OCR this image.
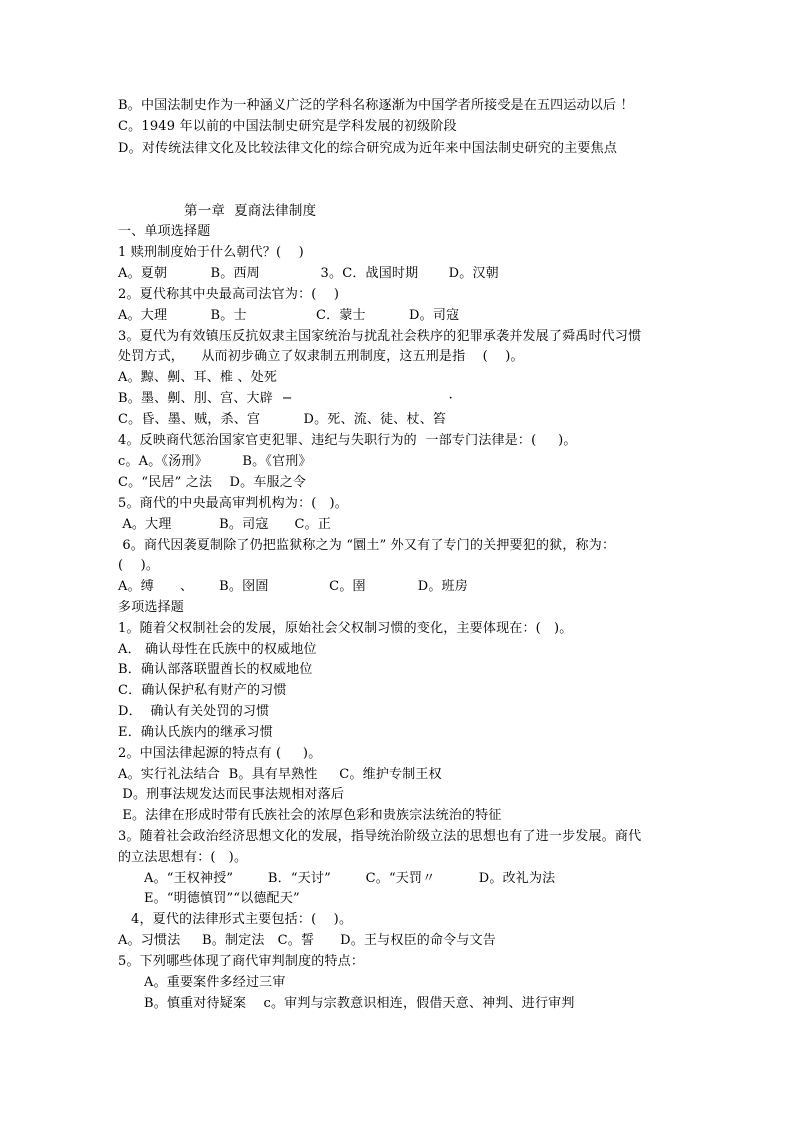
B。中国法制史作为一种涵义广泛的学科名称逐渐为中国学者所接受是在五四运动以后 ！
C。1949 年以前的中国法制史研究是学科发展的初级阶段
D。对传统法律文化及比较法律文化的综合研究成为近年来中国法制史研究的主要焦点
第一章  夏商法律制度
一、单项选择题
1 赎刑制度始于什么朝代？(    )
A。夏朝          B。西周              3。C．战国时期       D。汉朝
2。夏代称其中央最高司法官为：(    )
A。大理          B。士                C．蒙士          D。司寇
3。夏代为有效镇压反抗奴隶主国家统治与扰乱社会秩序的犯罪承袭并发展了舜禹时代习惯
处罚方式，    从而初步确立了奴隶制五刑制度，这五刑是指    (    )。
A。黥、劓、耳、椎 、处死
B。墨、劓、刖、宫、大辟  −                                    ·
C。昏、墨、贼，杀、宫          D。死、流、徒、杖、笞
4。反映商代惩治国家官吏犯罪、违纪与失职行为的  一部专门法律是：(     )。
c。A。《汤刑》        B。《官刑》
C。“民居” 之法    D。车服之令
5。商代的中央最高审判机构为：(   )。
A。大理           B。司寇      C。正
6。商代因袭夏制除了仍把监狱称之为 “圜土” 外又有了专门的关押要犯的狱，称为：
(    )。
A。缚      、      B。囹圄              C。圉            D。班房
多项选择题
1。随着父权制社会的发展，原始社会父权制习惯的变化，主要体现在：(   )。
A． 确认母性在氏族中的权威地位
B．确认部落联盟酋长的权威地位
C．确认保护私有财产的习惯
D．  确认有关处罚的习惯
E．确认氏族内的继承习惯
2。中国法律起源的特点有 (     )。
A。实行礼法结合  B。具有早熟性     C。维护专制王权
D。刑事法规发达而民事法规相对落后
E。法律在形成时带有氏族社会的浓厚色彩和贵族宗法统治的特征
3。随着社会政治经济思想文化的发展，指导统治阶级立法的思想也有了进一步发展。商代
的立法思想有：(   )。
A。“王权神授”        B．“天讨”        C。“天罚〃          D。改礼为法
E。“明德慎罚”“以德配天”
4，夏代的法律形式主要包括：(    )。
A。习惯法     B。制定法   C。誓      D。王与权臣的命令与文告
5。下列哪些体现了商代审判制度的特点：
A。重要案件多经过三审
B。慎重对待疑案    c。审判与宗教意识相连，假借天意、神判、进行审判
